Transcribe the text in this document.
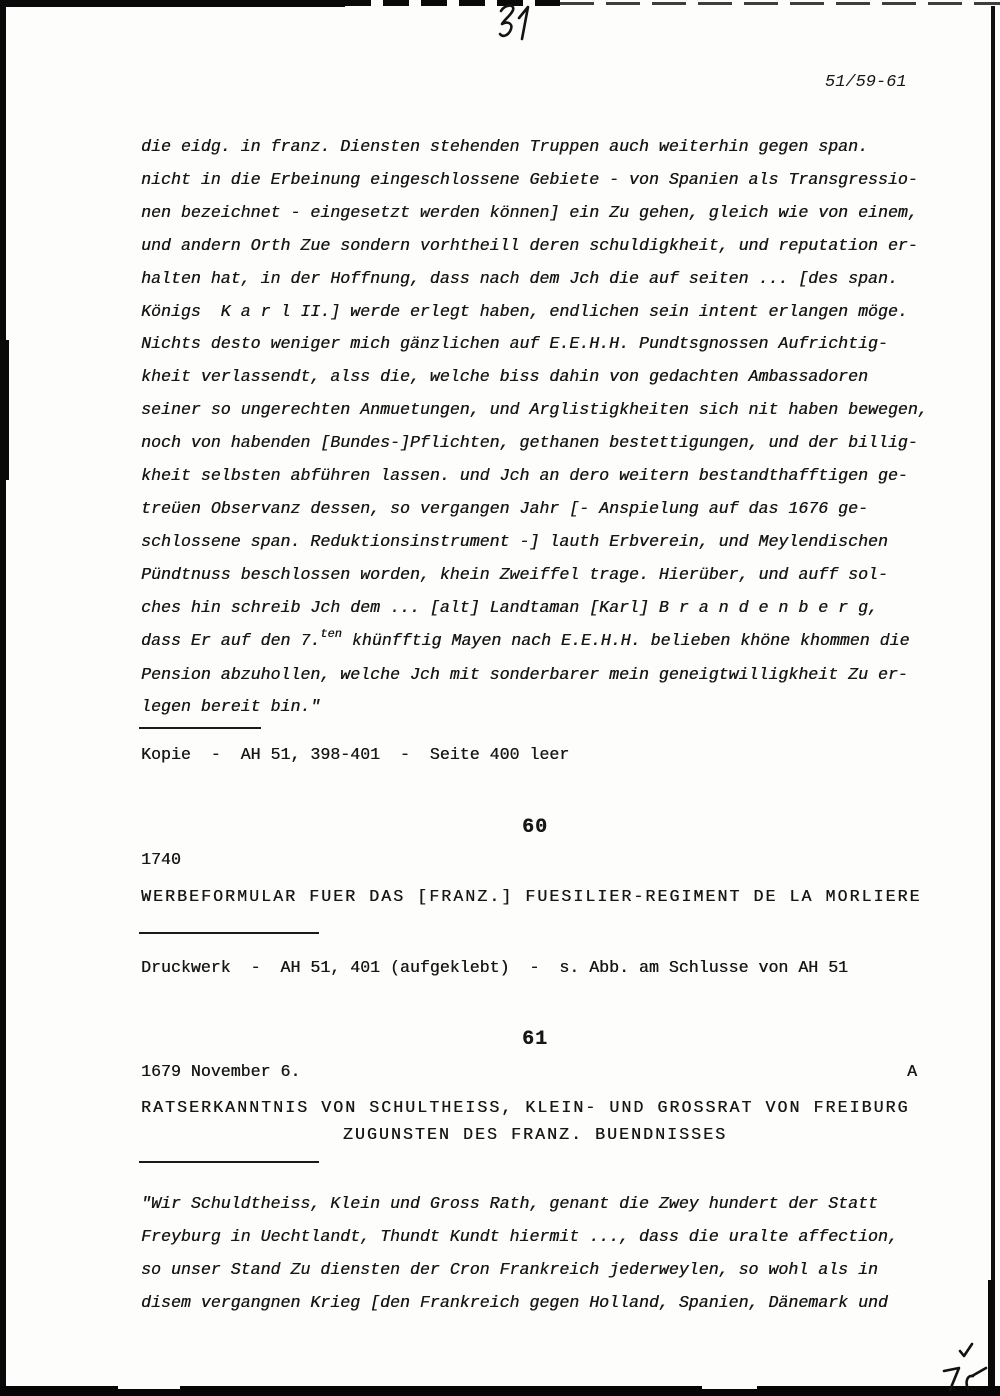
51/59-61
die eidg. in franz. Diensten stehenden Truppen auch weiterhin gegen span.
nicht in die Erbeinung eingeschlossene Gebiete - von Spanien als Transgressio-
nen bezeichnet - eingesetzt werden können] ein Zu gehen, gleich wie von einem,
und andern Orth Zue sondern vorhtheill deren schuldigkheit, und reputation er-
halten hat, in der Hoffnung, dass nach dem Jch die auf seiten ... [des span.
Königs  K a r l II.] werde erlegt haben, endlichen sein intent erlangen möge.
Nichts desto weniger mich gänzlichen auf E.E.H.H. Pundtsgnossen Aufrichtig-
kheit verlassendt, alss die, welche biss dahin von gedachten Ambassadoren
seiner so ungerechten Anmuetungen, und Arglistigkheiten sich nit haben bewegen,
noch von habenden [Bundes-]Pflichten, gethanen bestettigungen, und der billig-
kheit selbsten abführen lassen. und Jch an dero weitern bestandthafftigen ge-
treüen Observanz dessen, so vergangen Jahr [- Anspielung auf das 1676 ge-
schlossene span. Reduktionsinstrument -] lauth Erbverein, und Meylendischen
Pündtnuss beschlossen worden, khein Zweiffel trage. Hierüber, und auff sol-
ches hin schreib Jch dem ... [alt] Landtaman [Karl] B r a n d e n b e r g,
dass Er auf den 7.$^{ten}$ khünfftig Mayen nach E.E.H.H. belieben khöne khommen die
Pension abzuhollen, welche Jch mit sonderbarer mein geneigtwilligkheit Zu er-
legen bereit bin."
Kopie  -  AH 51, 398-401  -  Seite 400 leer
60
1740
WERBEFORMULAR FUER DAS [FRANZ.] FUESILIER-REGIMENT DE LA MORLIERE
Druckwerk  -  AH 51, 401 (aufgeklebt)  -  s. Abb. am Schlusse von AH 51
61
1679 November 6.	A
RATSERKANNTNIS VON SCHULTHEISS, KLEIN- UND GROSSRAT VON FREIBURG
ZUGUNSTEN DES FRANZ. BUENDNISSES
"Wir Schuldtheiss, Klein und Gross Rath, genant die Zwey hundert der Statt
Freyburg in Uechtlandt, Thundt Kundt hiermit ..., dass die uralte affection,
so unser Stand Zu diensten der Cron Frankreich jederweylen, so wohl als in
disem vergangnen Krieg [den Frankreich gegen Holland, Spanien, Dänemark und
